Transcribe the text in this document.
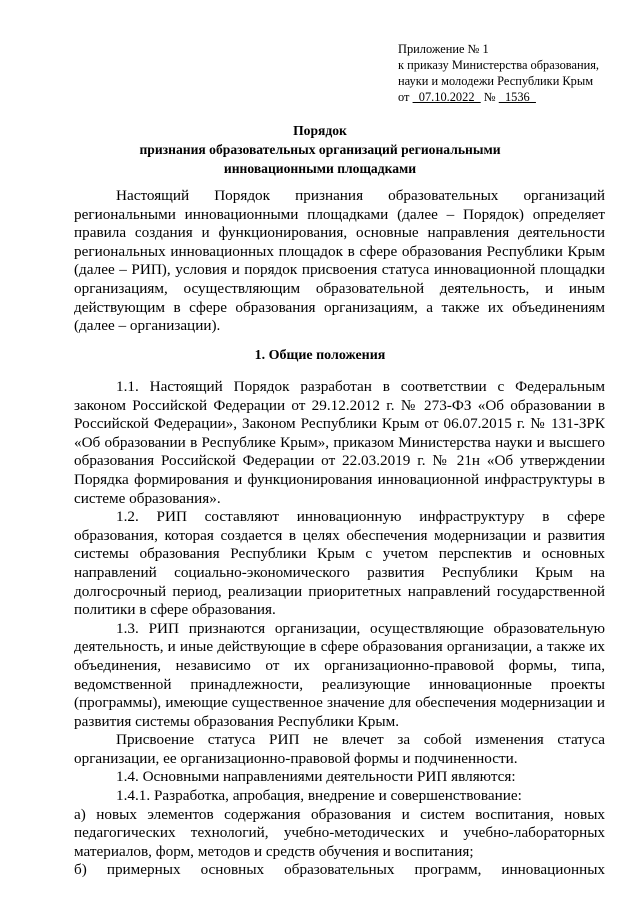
Приложение № 1
к приказу Министерства образования,
науки и молодежи Республики Крым
от   07.10.2022   №   1536
Порядок
признания образовательных организаций региональными
инновационными площадками

Настоящий Порядок признания образовательных организаций региональными инновационными площадками (далее – Порядок) определяет правила создания и функционирования, основные направления деятельности региональных инновационных площадок в сфере образования Республики Крым (далее – РИП), условия и порядок присвоения статуса инновационной площадки организациям, осуществляющим образовательной деятельность, и иным действующим в сфере образования организациям, а также их объединениям (далее – организации).

1. Общие положения

1.1. Настоящий Порядок разработан в соответствии с Федеральным законом Российской Федерации от 29.12.2012 г. № 273-ФЗ «Об образовании в Российской Федерации», Законом Республики Крым от 06.07.2015 г. № 131-ЗРК «Об образовании в Республике Крым», приказом Министерства науки и высшего образования Российской Федерации от 22.03.2019 г. № 21н «Об утверждении Порядка формирования и функционирования инновационной инфраструктуры в системе образования».

1.2. РИП составляют инновационную инфраструктуру в сфере образования, которая создается в целях обеспечения модернизации и развития системы образования Республики Крым с учетом перспектив и основных направлений социально-экономического развития Республики Крым на долгосрочный период, реализации приоритетных направлений государственной политики в сфере образования.

1.3. РИП признаются организации, осуществляющие образовательную деятельность, и иные действующие в сфере образования организации, а также их объединения, независимо от их организационно-правовой формы, типа, ведомственной принадлежности, реализующие инновационные проекты (программы), имеющие существенное значение для обеспечения модернизации и развития системы образования Республики Крым.

Присвоение статуса РИП не влечет за собой изменения статуса организации, ее организационно-правовой формы и подчиненности.

1.4. Основными направлениями деятельности РИП являются:

1.4.1. Разработка, апробация, внедрение и совершенствование:

а) новых элементов содержания образования и систем воспитания, новых педагогических технологий, учебно-методических и учебно-лабораторных материалов, форм, методов и средств обучения и воспитания;

б) примерных основных образовательных программ, инновационных
